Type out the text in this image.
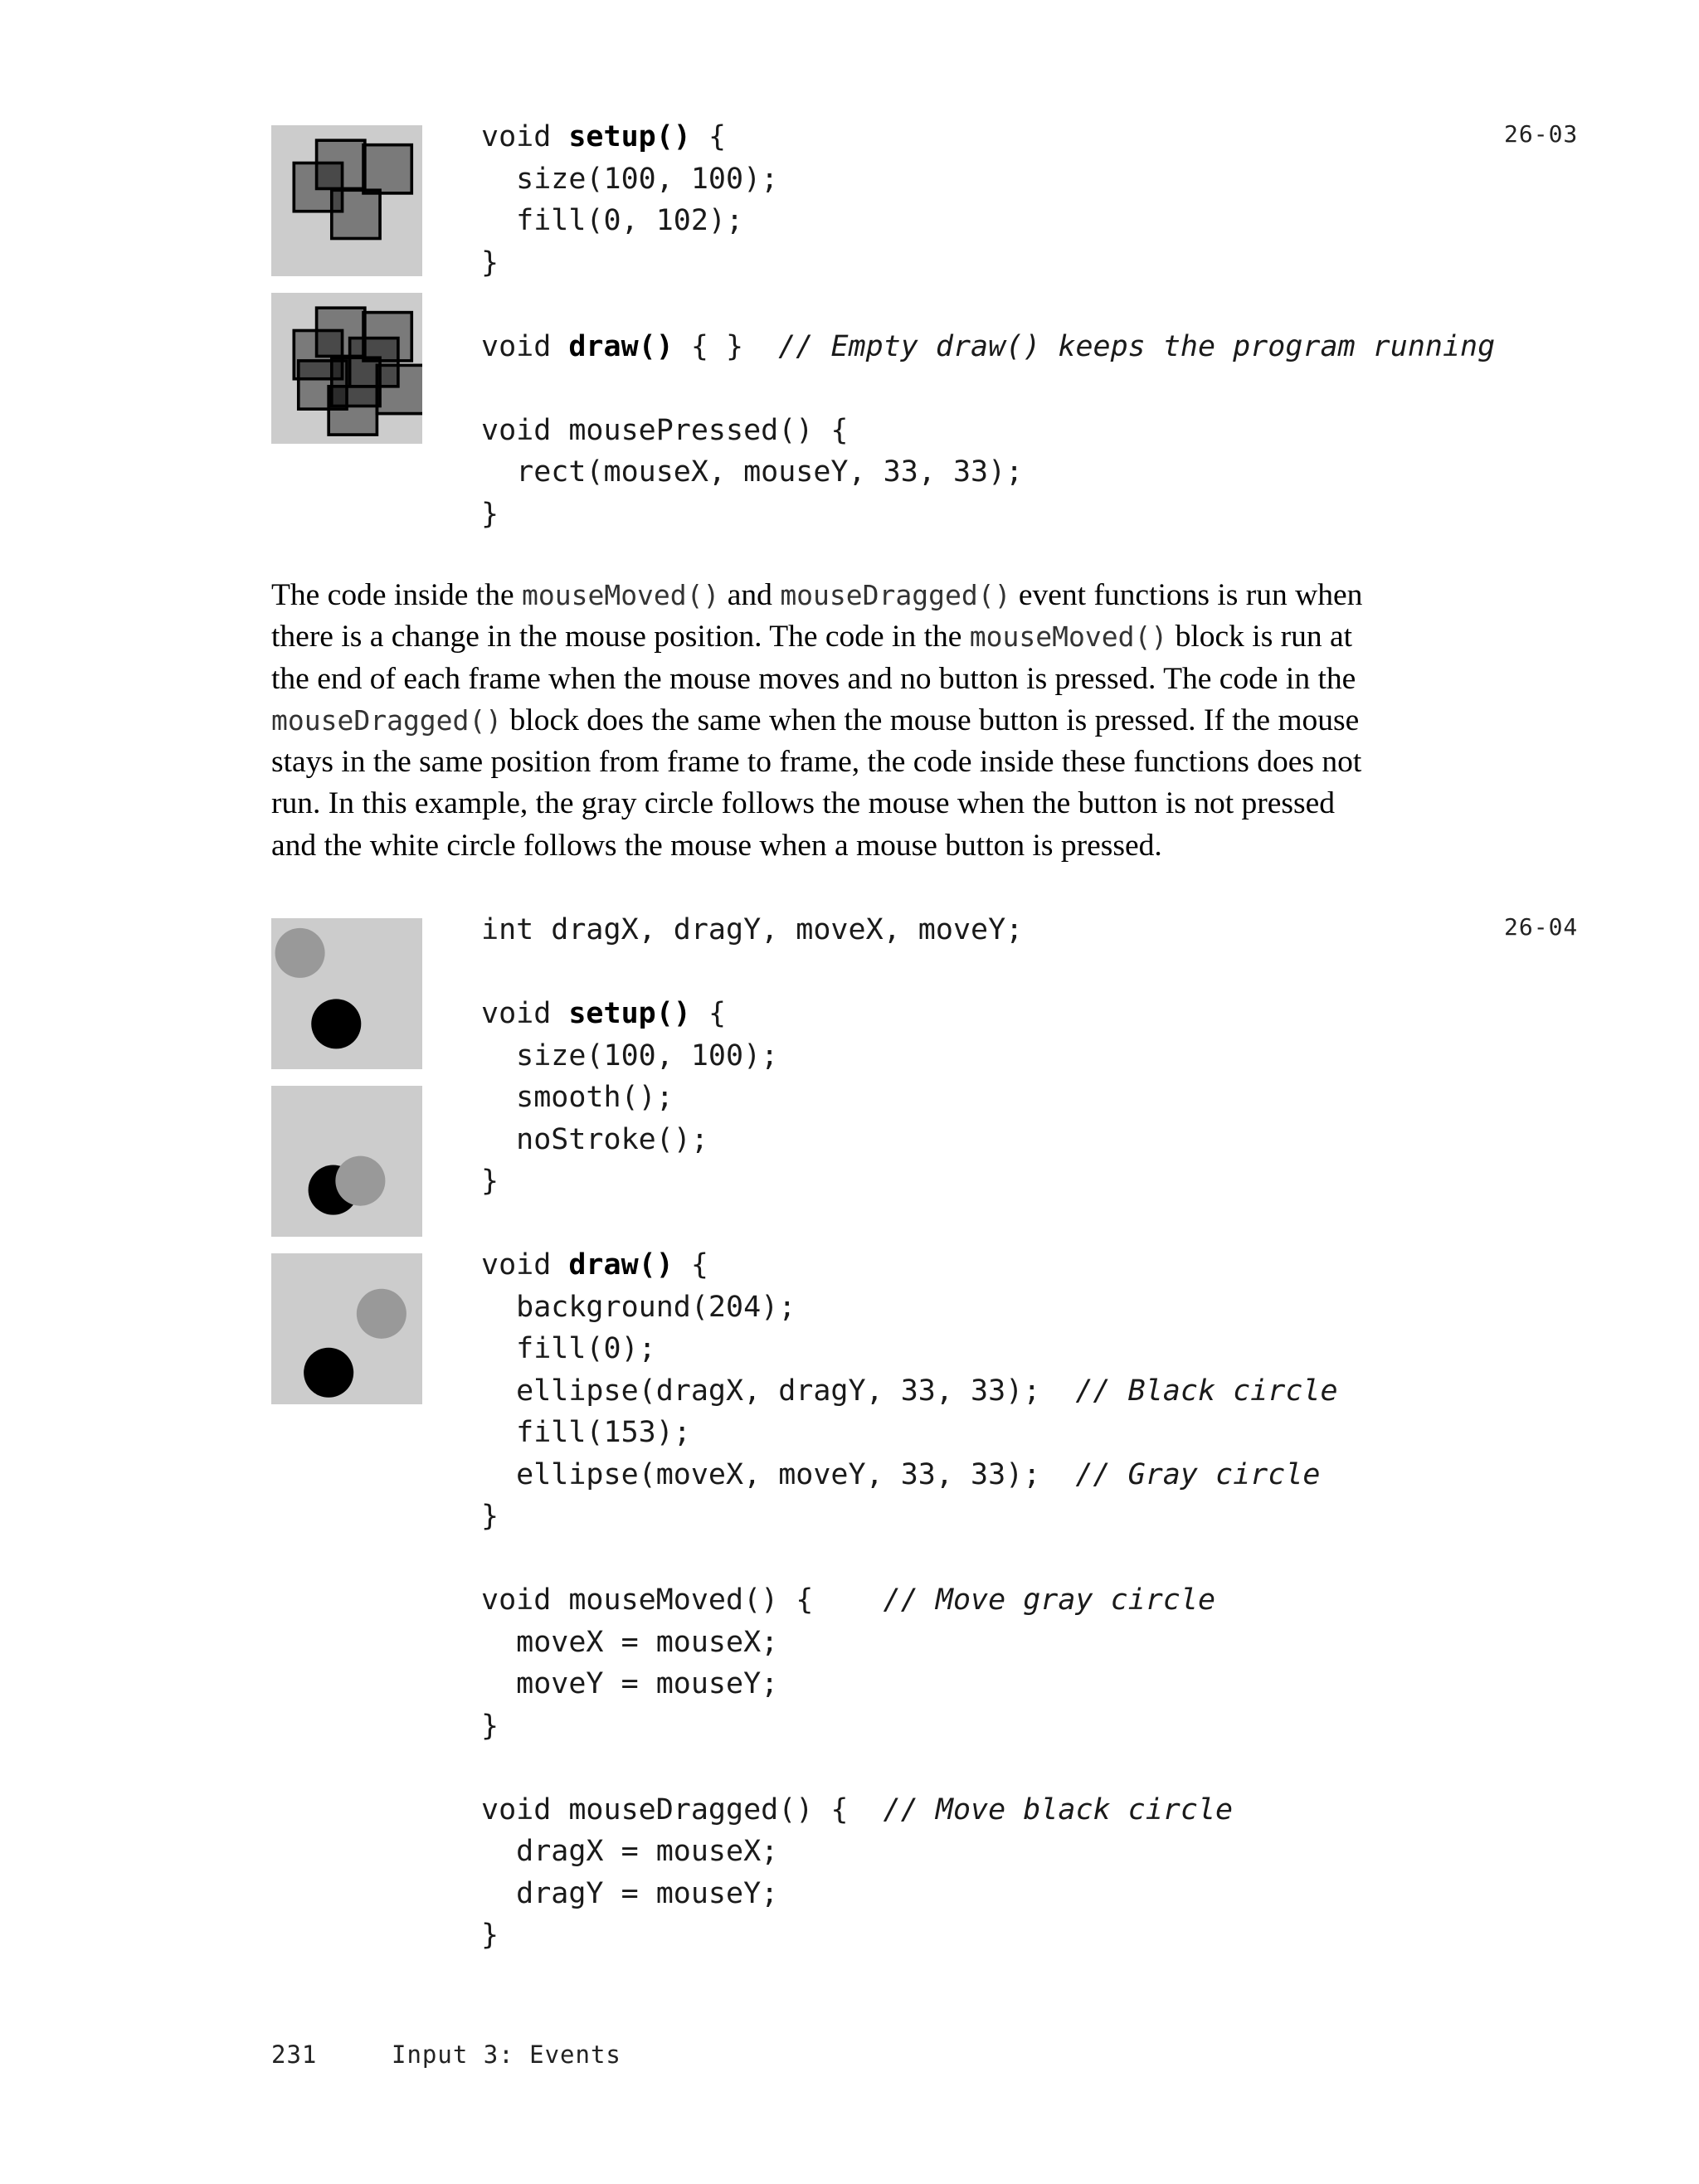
void setup() {
size(100, 100);
fill(0, 102);
}

void draw() { }  // Empty draw() keeps the program running

void mousePressed() {
rect(mouseX, mouseY, 33, 33);
}
26-03

The code inside the mouseMoved() and mouseDragged() event functions is run when
there is a change in the mouse position. The code in the mouseMoved() block is run at
the end of each frame when the mouse moves and no button is pressed. The code in the
mouseDragged() block does the same when the mouse button is pressed. If the mouse
stays in the same position from frame to frame, the code inside these functions does not
run. In this example, the gray circle follows the mouse when the button is not pressed
and the white circle follows the mouse when a mouse button is pressed.

int dragX, dragY, moveX, moveY;

void setup() {
size(100, 100);
smooth();
noStroke();
}

void draw() {
background(204);
fill(0);
ellipse(dragX, dragY, 33, 33);  // Black circle
fill(153);
ellipse(moveX, moveY, 33, 33);  // Gray circle
}

void mouseMoved() {    // Move gray circle
moveX = mouseX;
moveY = mouseY;
}

void mouseDragged() {  // Move black circle
dragX = mouseX;
dragY = mouseY;
}
26-04
231	Input 3: Events
